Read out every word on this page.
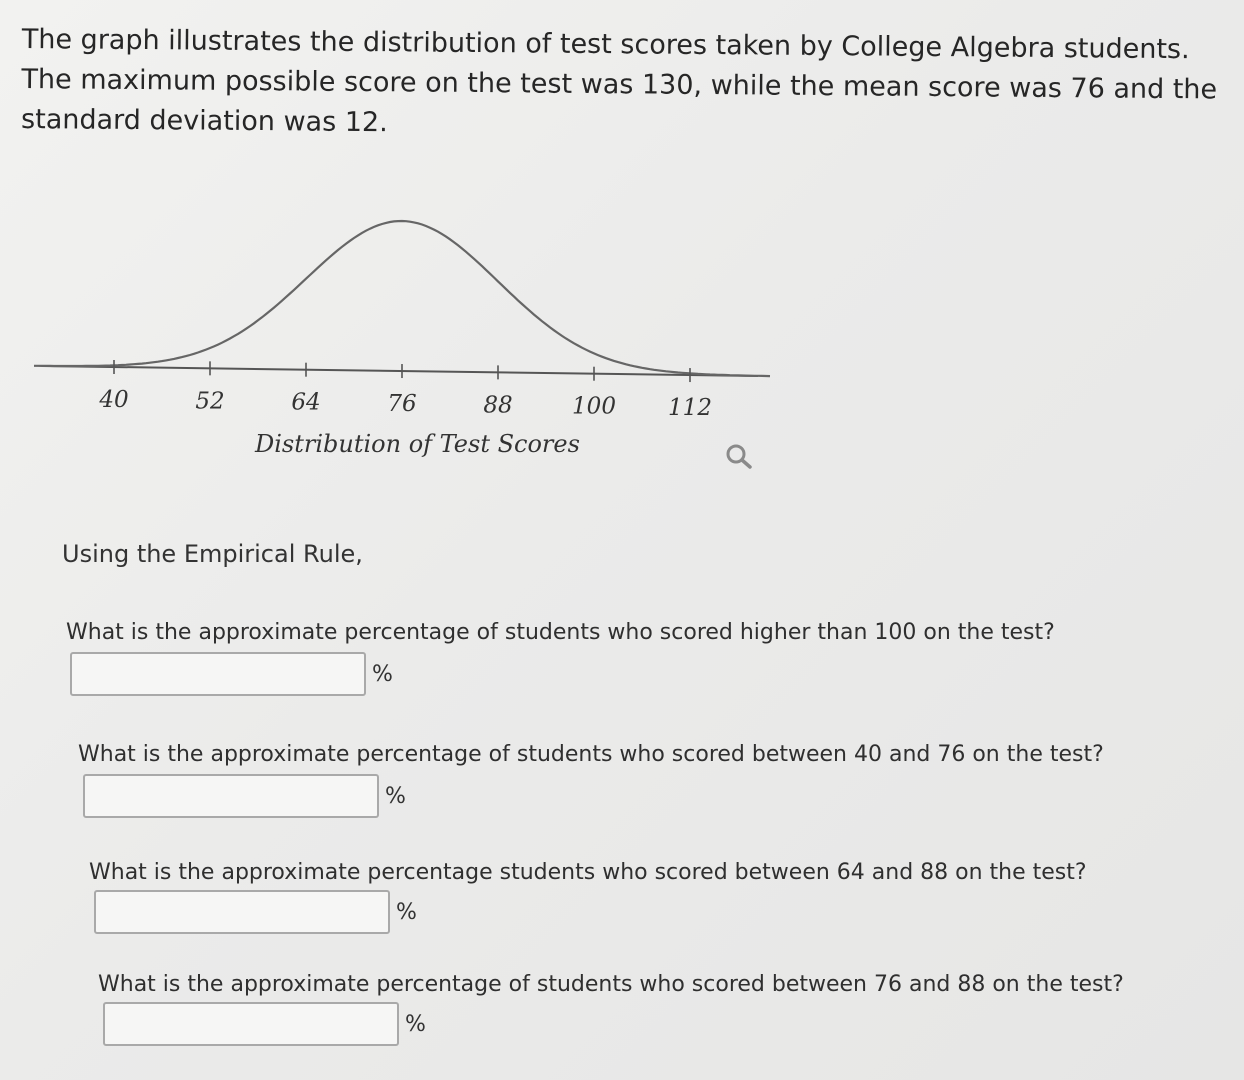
The graph illustrates the distribution of test scores taken by College Algebra students. The maximum possible score on the test was 130, while the mean score was 76 and the standard deviation was 12.
40	52	64	76	88	100 112
Distribution of Test Scores
Using the Empirical Rule,
What is the approximate percentage of students who scored higher than 100 on the test?
%
What is the approximate percentage of students who scored between 40 and 76 on the test?
%
What is the approximate percentage students who scored between 64 and 88 on the test?
%
What is the approximate percentage of students who scored between 76 and 88 on the test?
%
